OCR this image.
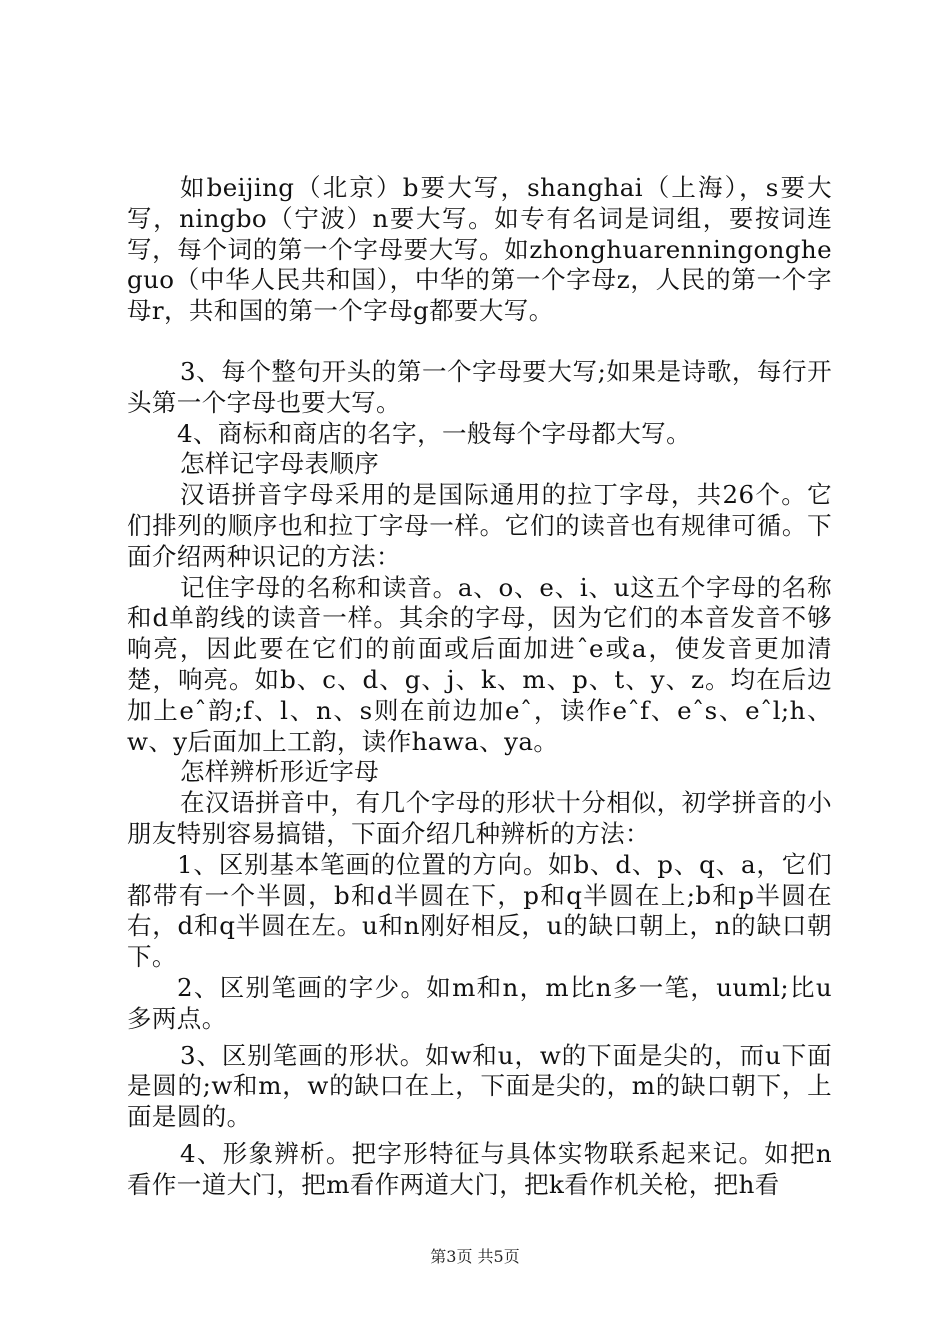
如beijing（北京）b要大写，shanghai（上海），s要大写，ningbo（宁波）n要大写。如专有名词是词组，要按词连写，每个词的第一个字母要大写。如zhonghuarenningongheguo（中华人民共和国），中华的第一个字母z，人民的第一个字母r，共和国的第一个字母g都要大写。

3、每个整句开头的第一个字母要大写;如果是诗歌，每行开头第一个字母也要大写。

4、商标和商店的名字，一般每个字母都大写。

怎样记字母表顺序

汉语拼音字母采用的是国际通用的拉丁字母，共26个。它们排列的顺序也和拉丁字母一样。它们的读音也有规律可循。下面介绍两种识记的方法：

记住字母的名称和读音。a、o、e、i、u这五个字母的名称和d单韵线的读音一样。其余的字母，因为它们的本音发音不够响亮，因此要在它们的前面或后面加进ˆe或a，使发音更加清楚，响亮。如b、c、d、g、j、k、m、p、t、y、z。均在后边加上eˆ韵;f、l、n、s则在前边加eˆ，读作eˆf、eˆs、eˆl;h、w、y后面加上工韵，读作hawa、ya。

怎样辨析形近字母

在汉语拼音中，有几个字母的形状十分相似，初学拼音的小朋友特别容易搞错，下面介绍几种辨析的方法：

1、区别基本笔画的位置的方向。如b、d、p、q、a，它们都带有一个半圆，b和d半圆在下，p和q半圆在上;b和p半圆在右，d和q半圆在左。u和n刚好相反，u的缺口朝上，n的缺口朝下。

2、区别笔画的字少。如m和n，m比n多一笔，uuml;比u多两点。

3、区别笔画的形状。如w和u，w的下面是尖的，而u下面是圆的;w和m，w的缺口在上，下面是尖的，m的缺口朝下，上面是圆的。

4、形象辨析。把字形特征与具体实物联系起来记。如把n看作一道大门，把m看作两道大门，把k看作机关枪，把h看

第3页 共5页
